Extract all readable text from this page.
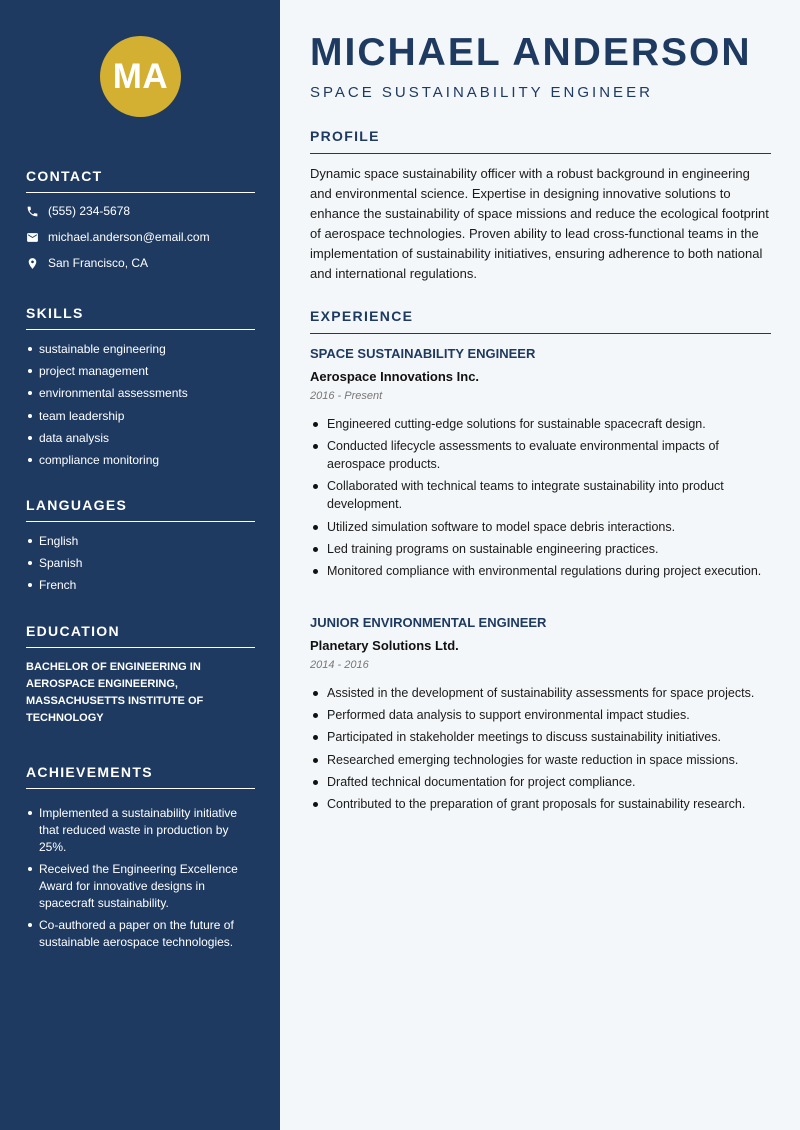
MA
CONTACT
(555) 234-5678
michael.anderson@email.com
San Francisco, CA
SKILLS
sustainable engineering
project management
environmental assessments
team leadership
data analysis
compliance monitoring
LANGUAGES
English
Spanish
French
EDUCATION
BACHELOR OF ENGINEERING IN AEROSPACE ENGINEERING, MASSACHUSETTS INSTITUTE OF TECHNOLOGY
ACHIEVEMENTS
Implemented a sustainability initiative that reduced waste in production by 25%.
Received the Engineering Excellence Award for innovative designs in spacecraft sustainability.
Co-authored a paper on the future of sustainable aerospace technologies.
MICHAEL ANDERSON
SPACE SUSTAINABILITY ENGINEER
PROFILE

Dynamic space sustainability officer with a robust background in engineering and environmental science. Expertise in designing innovative solutions to enhance the sustainability of space missions and reduce the ecological footprint of aerospace technologies. Proven ability to lead cross-functional teams in the implementation of sustainability initiatives, ensuring adherence to both national and international regulations.

EXPERIENCE
SPACE SUSTAINABILITY ENGINEER
Aerospace Innovations Inc.
2016 - Present
Engineered cutting-edge solutions for sustainable spacecraft design.
Conducted lifecycle assessments to evaluate environmental impacts of aerospace products.
Collaborated with technical teams to integrate sustainability into product development.
Utilized simulation software to model space debris interactions.
Led training programs on sustainable engineering practices.
Monitored compliance with environmental regulations during project execution.
JUNIOR ENVIRONMENTAL ENGINEER
Planetary Solutions Ltd.
2014 - 2016
Assisted in the development of sustainability assessments for space projects.
Performed data analysis to support environmental impact studies.
Participated in stakeholder meetings to discuss sustainability initiatives.
Researched emerging technologies for waste reduction in space missions.
Drafted technical documentation for project compliance.
Contributed to the preparation of grant proposals for sustainability research.
